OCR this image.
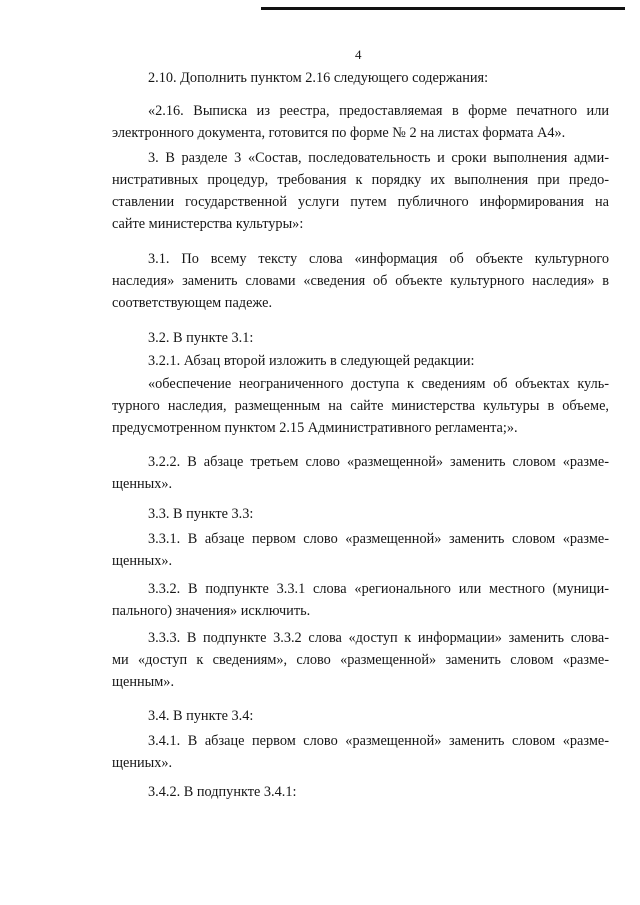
4
2.10. Дополнить пунктом 2.16 следующего содержания:
«2.16. Выписка из реестра, предоставляемая в форме печатного или
электронного документа, готовится по форме № 2 на листах формата А4».
3. В разделе 3 «Состав, последовательность и сроки выполнения адми-
нистративных процедур, требования к порядку их выполнения при предо-
ставлении государственной услуги путем публичного информирования на
сайте министерства культуры»:
3.1. По всему тексту слова «информация об объекте культурного
наследия» заменить словами «сведения об объекте культурного наследия» в
соответствующем падеже.
3.2. В пункте 3.1:
3.2.1. Абзац второй изложить в следующей редакции:
«обеспечение неограниченного доступа к сведениям об объектах куль-
турного наследия, размещенным на сайте министерства культуры в объеме,
предусмотренном пунктом 2.15 Административного регламента;».
3.2.2. В абзаце третьем слово «размещенной» заменить словом «разме-
щенных».
3.3. В пункте 3.3:
3.3.1. В абзаце первом слово «размещенной» заменить словом «разме-
щенных».
3.3.2. В подпункте 3.3.1 слова «регионального или местного (муници-
пального) значения» исключить.
3.3.3. В подпункте 3.3.2 слова «доступ к информации» заменить слова-
ми «доступ к сведениям», слово «размещенной» заменить словом «разме-
щенным».
3.4. В пункте 3.4:
3.4.1. В абзаце первом слово «размещенной» заменить словом «разме-
щениых».
3.4.2. В подпункте 3.4.1:
